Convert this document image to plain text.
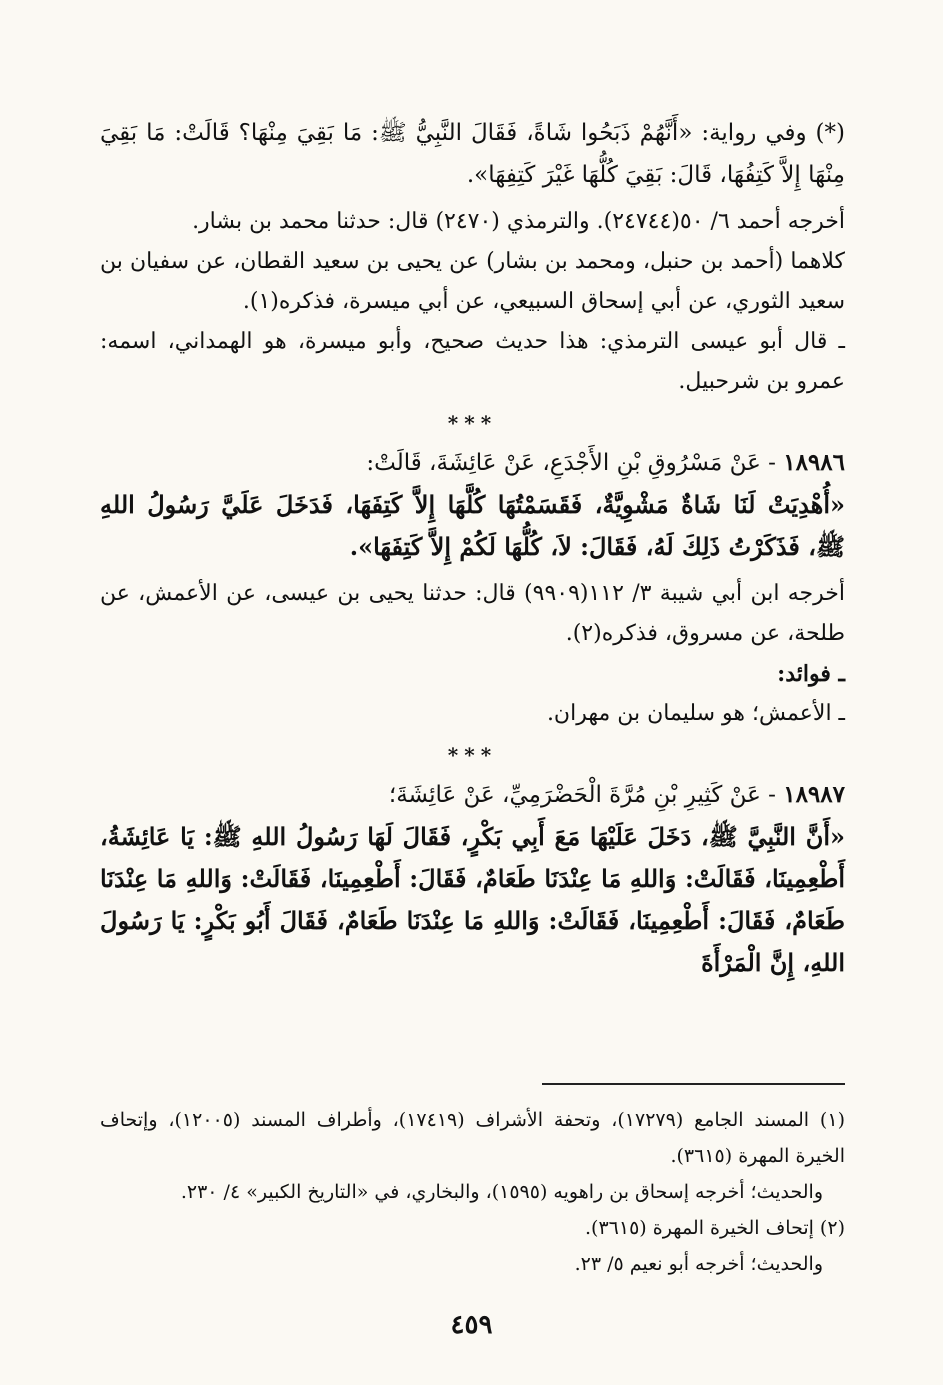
(*) وفي رواية: «أَنَّهُمْ ذَبَحُوا شَاةً، فَقَالَ النَّبِيُّ ﷺ: مَا بَقِيَ مِنْهَا؟ قَالَتْ: مَا بَقِيَ مِنْهَا إِلاَّ كَتِفُهَا، قَالَ: بَقِيَ كُلُّهَا غَيْرَ كَتِفِهَا».

أخرجه أحمد ٦/ ٥٠(٢٤٧٤٤). والترمذي (٢٤٧٠) قال: حدثنا محمد بن بشار.

كلاهما (أحمد بن حنبل، ومحمد بن بشار) عن يحيى بن سعيد القطان، عن سفيان بن سعيد الثوري، عن أبي إسحاق السبيعي، عن أبي ميسرة، فذكره(١).

ـ قال أبو عيسى الترمذي: هذا حديث صحيح، وأبو ميسرة، هو الهمداني، اسمه: عمرو بن شرحبيل.

***

١٨٩٨٦ - عَنْ مَسْرُوقِ بْنِ الأَجْدَعِ، عَنْ عَائِشَةَ، قَالَتْ:

«أُهْدِيَتْ لَنَا شَاةٌ مَشْوِيَّةٌ، فَقَسَمْتُهَا كُلَّهَا إِلاَّ كَتِفَهَا، فَدَخَلَ عَلَيَّ رَسُولُ اللهِ ﷺ، فَذَكَرْتُ ذَلِكَ لَهُ، فَقَالَ: لاَ، كُلُّهَا لَكُمْ إِلاَّ كَتِفَهَا».

أخرجه ابن أبي شيبة ٣/ ١١٢(٩٩٠٩) قال: حدثنا يحيى بن عيسى، عن الأعمش، عن طلحة، عن مسروق، فذكره(٢).

ـ فوائد:

ـ الأعمش؛ هو سليمان بن مهران.

***

١٨٩٨٧ - عَنْ كَثِيرِ بْنِ مُرَّةَ الْحَضْرَمِيِّ، عَنْ عَائِشَةَ؛

«أَنَّ النَّبِيَّ ﷺ، دَخَلَ عَلَيْهَا مَعَ أَبِي بَكْرٍ، فَقَالَ لَهَا رَسُولُ اللهِ ﷺ: يَا عَائِشَةُ، أَطْعِمِينَا، فَقَالَتْ: وَاللهِ مَا عِنْدَنَا طَعَامٌ، فَقَالَ: أَطْعِمِينَا، فَقَالَتْ: وَاللهِ مَا عِنْدَنَا طَعَامٌ، فَقَالَ: أَطْعِمِينَا، فَقَالَتْ: وَاللهِ مَا عِنْدَنَا طَعَامٌ، فَقَالَ أَبُو بَكْرٍ: يَا رَسُولَ اللهِ، إِنَّ الْمَرْأَةَ

(١) المسند الجامع (١٧٢٧٩)، وتحفة الأشراف (١٧٤١٩)، وأطراف المسند (١٢٠٠٥)، وإتحاف الخيرة المهرة (٣٦١٥).

والحديث؛ أخرجه إسحاق بن راهويه (١٥٩٥)، والبخاري، في «التاريخ الكبير» ٤/ ٢٣٠.

(٢) إتحاف الخيرة المهرة (٣٦١٥).

والحديث؛ أخرجه أبو نعيم ٥/ ٢٣.

٤٥٩
